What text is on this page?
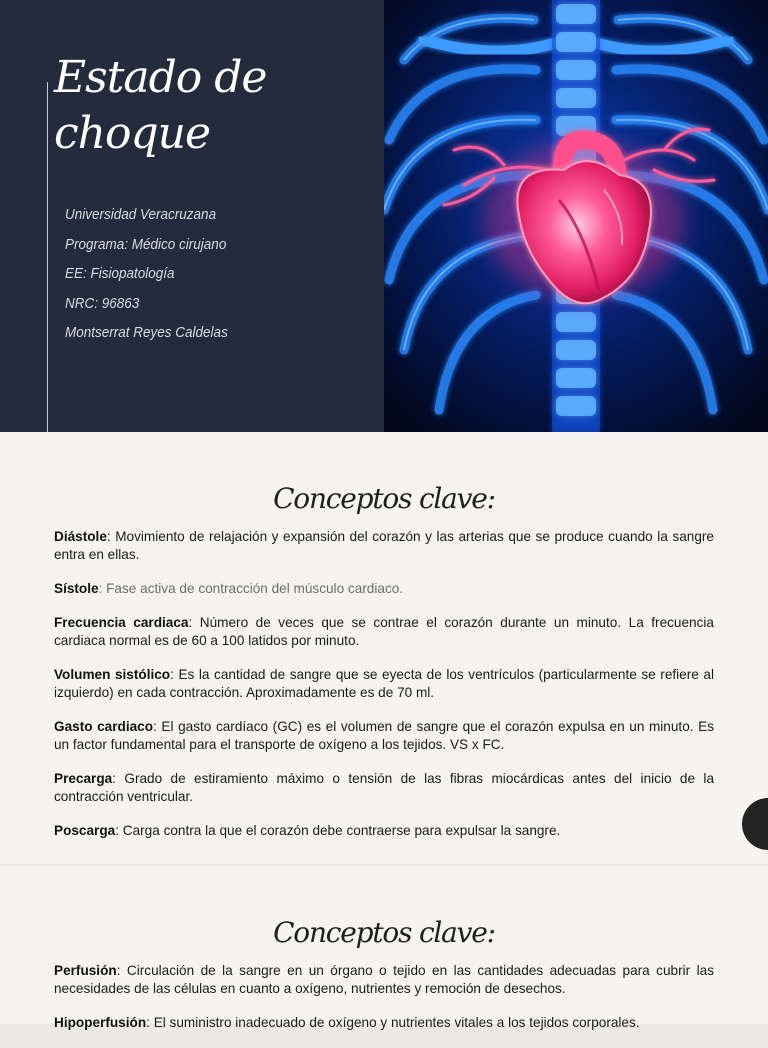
Estado de choque
Universidad Veracruzana
Programa: Médico cirujano
EE: Fisiopatología
NRC: 96863
Montserrat Reyes Caldelas
Conceptos clave:

Diástole: Movimiento de relajación y expansión del corazón y las arterias que se produce cuando la sangre entra en ellas.

Sístole: Fase activa de contracción del músculo cardiaco.

Frecuencia cardiaca: Número de veces que se contrae el corazón durante un minuto. La frecuencia cardiaca normal es de 60 a 100 latidos por minuto.

Volumen sistólico: Es la cantidad de sangre que se eyecta de los ventrículos (particularmente se refiere al izquierdo) en cada contracción. Aproximadamente es de 70 ml.

Gasto cardiaco: El gasto cardíaco (GC) es el volumen de sangre que el corazón expulsa en un minuto. Es un factor fundamental para el transporte de oxígeno a los tejidos. VS x FC.

Precarga: Grado de estiramiento máximo o tensión de las fibras miocárdicas antes del inicio de la contracción ventricular.

Poscarga: Carga contra la que el corazón debe contraerse para expulsar la sangre.

Conceptos clave:

Perfusión: Circulación de la sangre en un órgano o tejido en las cantidades adecuadas para cubrir las necesidades de las células en cuanto a oxígeno, nutrientes y remoción de desechos.

Hipoperfusión: El suministro inadecuado de oxígeno y nutrientes vitales a los tejidos corporales.
